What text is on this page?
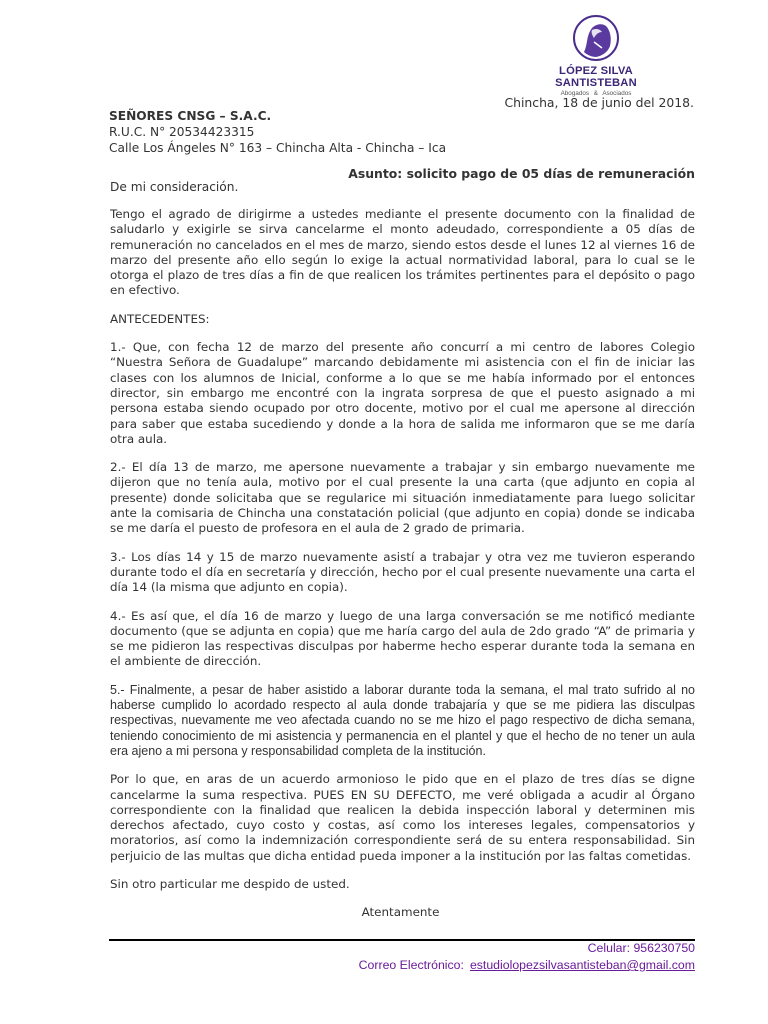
LÓPEZ SILVA SANTISTEBAN
Abogados & Asociados
Chincha, 18 de junio del 2018.
SEÑORES CNSG – S.A.C.
R.U.C. N° 20534423315
Calle Los Ángeles N° 163 – Chincha Alta - Chincha – Ica
Asunto: solicito pago de 05 días de remuneración
De mi consideración.

Tengo el agrado de dirigirme a ustedes mediante el presente documento con la finalidad de saludarlo y exigirle se sirva cancelarme el monto adeudado, correspondiente a 05 días de remuneración no cancelados en el mes de marzo, siendo estos desde el lunes 12 al viernes 16 de marzo del presente año ello según lo exige la actual normatividad laboral, para lo cual se le otorga el plazo de tres días a fin de que realicen los trámites pertinentes para el depósito o pago en efectivo.

ANTECEDENTES:

1.- Que, con fecha 12 de marzo del presente año concurrí a mi centro de labores Colegio “Nuestra Señora de Guadalupe” marcando debidamente mi asistencia con el fin de iniciar las clases con los alumnos de Inicial, conforme a lo que se me había informado por el entonces director, sin embargo me encontré con la ingrata sorpresa de que el puesto asignado a mi persona estaba siendo ocupado por otro docente, motivo por el cual me apersone al dirección para saber que estaba sucediendo y donde a la hora de salida me informaron que se me daría otra aula.

2.- El día 13 de marzo, me apersone nuevamente a trabajar y sin embargo nuevamente me dijeron que no tenía aula, motivo por el cual presente la una carta (que adjunto en copia al presente) donde solicitaba que se regularice mi situación inmediatamente para luego solicitar ante la comisaria de Chincha una constatación policial (que adjunto en copia) donde se indicaba se me daría el puesto de profesora en el aula de 2 grado de primaria.

3.- Los días 14 y 15 de marzo nuevamente asistí a trabajar y otra vez me tuvieron esperando durante todo el día en secretaría y dirección, hecho por el cual presente nuevamente una carta el día 14 (la misma que adjunto en copia).

4.- Es así que, el día 16 de marzo y luego de una larga conversación se me notificó mediante documento (que se adjunta en copia) que me haría cargo del aula de 2do grado “A” de primaria y se me pidieron las respectivas disculpas por haberme hecho esperar durante toda la semana en el ambiente de dirección.

5.- Finalmente, a pesar de haber asistido a laborar durante toda la semana, el mal trato sufrido al no haberse cumplido lo acordado respecto al aula donde trabajaría y que se me pidiera las disculpas respectivas, nuevamente me veo afectada cuando no se me hizo el pago respectivo de dicha semana, teniendo conocimiento de mi asistencia y permanencia en el plantel y que el hecho de no tener un aula era ajeno a mi persona y responsabilidad completa de la institución.

Por lo que, en aras de un acuerdo armonioso le pido que en el plazo de tres días se digne cancelarme la suma respectiva. PUES EN SU DEFECTO, me veré obligada a acudir al Órgano correspondiente con la finalidad que realicen la debida inspección laboral y determinen mis derechos afectado, cuyo costo y costas, así como los intereses legales, compensatorios y moratorios, así como la indemnización correspondiente será de su entera responsabilidad. Sin perjuicio de las multas que dicha entidad pueda imponer a la institución por las faltas cometidas.

Sin otro particular me despido de usted.

Atentamente
Celular: 956230750
Correo Electrónico: estudiolopezsilvasantisteban@gmail.com
